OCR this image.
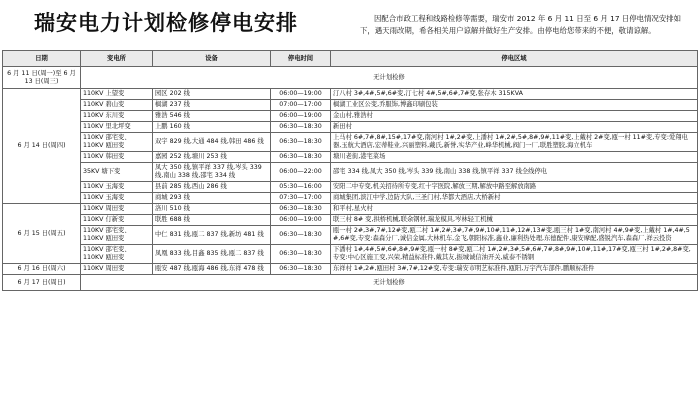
瑞安电力计划检修停电安排	因配合市政工程和线路检修等需要，瑞安市 2012 年 6 月 11 日至 6 月 17 日停电情况安排如下，遇天雨改期，希各相关用户谅解并做好生产安排。由停电给您带来的不便，敬请谅解。

日期	变电所	设备	停电时间	停电区域
6 月 11 日(周一)至 6 月 13 日(周三)	无计划检修			
6 月 14 日(周四)	110KV 上望变	园区 202 线	06:00—19:00	汀八村 3#,4#,5#,6#变,汀七村 4#,5#,6#,7#变,张存木 315KVA
	110KV 碧山变	榈湖 237 线	07:00—17:00	榈湖工业区公变,乔服饰,博鑫印刷包装
	110KV 东川变	雅浩 546 线	06:00—19:00	金山村,雅浩村
	110KV 里北坪变	上鹏 160 线	06:30—18:30	新田村
	110KV 邵宅变、110KV 瓯田变	双宇 829 线,大通 484 线,韩田 486 线	06:30—18:30	上马村 6#,7#,8#,15#,17#变,南河村 1#,2#变,上潘村 1#,2#,5#,8#,9#,11#变,上戴村 2#变,瓯一村 11#变,专变:爱翔电器,玉航大酒店,宏蒂鞋业,兴丽塑料,戴氏,新誉,实华产业,峰华机械,阀门一厂,联胜塑胶,海立机车
	110KV 韩田变	嘉园 252 线,塘川 253 线	06:30—18:30	塘川老街,港宅菜场
	35KV 塘下变	凤大 350 线,镇平祥 337 线,岑头 339 线,南山 338 线,邵宅 334 线	06:00—22:00	邵宅 334 线,凤大 350 线,岑头 339 线,南山 338 线,镇平祥 337 线全线停电
	110KV 玉海变	县前 285 线,西山 286 线	05:30—16:00	安阳二中专变,机关招待所专变,红十字医院,解放三期,解放中路至解放南路
	110KV 玉海变	商城 293 线	07:30—17:00	商城集团,滨江中学,边防大队,三圣门村,华都大酒店,大桥新村
6 月 15 日(周五)	110KV 周田变	洛川 510 线	06:30—18:30	和平村,星火村
	110KV 仃新变	联胜 688 线	06:00—19:00	联三村 8# 变,拱桥机械,联余钢材,瑞龙模具,岑林轻工机械
	110KV 邵宅变、110KV 瓯田变	中仁 831 线,瓯二 837 线,新坊 481 线	06:30—18:30	瓯一村 2#,3#,7#,12#变,瓯二村 1#,2#,3#,7#,9#,10#,11#,12#,13#变,瓯三村 1#变,南河村 4#,9#变,上戴村 1#,4#,5#,6#变,专变:森森分厂,诚信金属,大林机车,金飞,朝阳标准,鑫业,廉利热处理,东德配件,康安摩配,盛锐汽车,森森厂,祥云投资
	110KV 邵宅变、110KV 瓯田变	凤凰 833 线,目鑫 835 线,瓯二 837 线	06:30—18:30	下潘村 1#,4#,5#,6#,8#,9#变,瓯一村 8#变,瓯二村 1#,2#,3#,5#,6#,7#,8#,9#,10#,11#,17#变,瓯三村 1#,2#,8#变,专变:中心区施工变,兴荣,精益标准件,戴其友,振城诚信油开关,威泰不锈钢
6 月 16 日(周六)	110KV 周田变	瓯安 487 线,瓯海 486 线,东祥 478 线	06:30—18:30	东祥村 1#,2#,瓯田村 3#,7#,12#变,专变:瑞安市明艺标准件,瓯阳,万宇汽车部件,鹏顺标准件
6 月 17 日(周日)	无计划检修			
